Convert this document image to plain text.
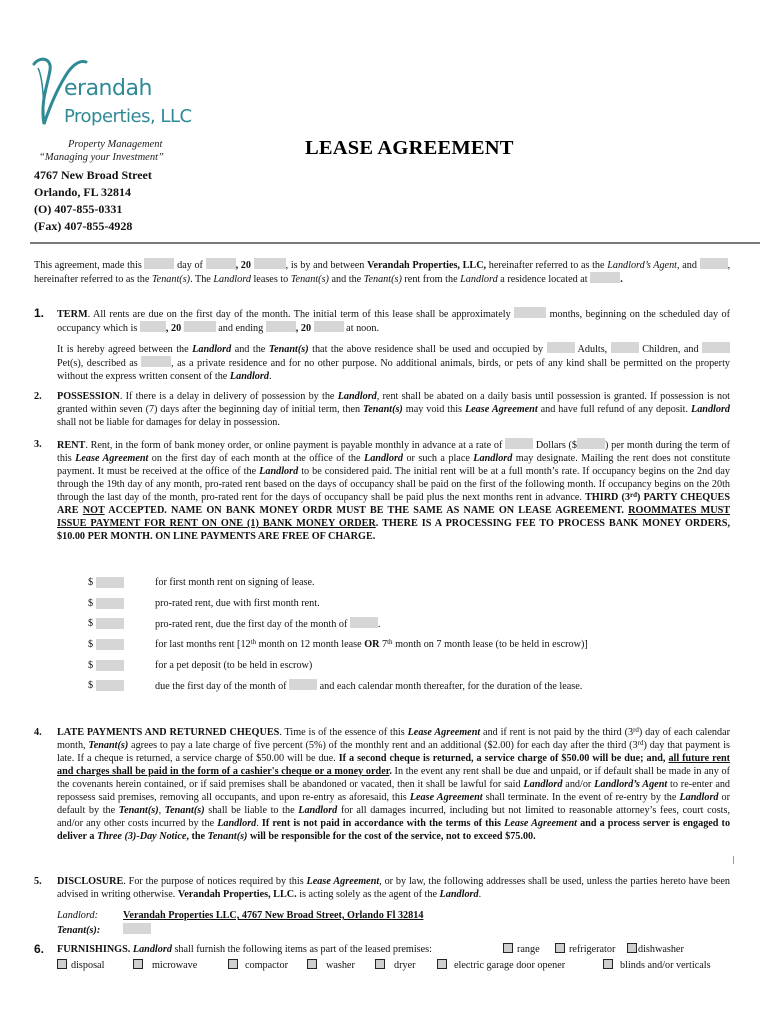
erandah
Properties, LLC
Property Management
“Managing your Investment”	LEASE AGREEMENT
4767 New Broad Street
Orlando, FL 32814
(O) 407-855-0331
(Fax) 407-855-4928
This agreement, made this	day of	, 20	, is by and between Verandah Properties, LLC, hereinafter referred to as the Landlord’s Agent, and	, hereinafter referred to as the Tenant(s). The Landlord leases to Tenant(s) and the Tenant(s) rent from the Landlord a residence located at	.
1.	TERM. All rents are due on the first day of the month. The initial term of this lease shall be approximately	months, beginning on the scheduled day of occupancy which is	, 20	and ending	, 20	at noon.
It is hereby agreed between the Landlord and the Tenant(s) that the above residence shall be used and occupied by	Adults,	Children, and  Pet(s), described as	, as a private residence and for no other purpose. No additional animals, birds, or pets of any kind shall be permitted on the property without the express written consent of the Landlord.
2.	POSSESSION. If there is a delay in delivery of possession by the Landlord, rent shall be abated on a daily basis until possession is granted. If possession is not granted within seven (7) days after the beginning day of initial term, then Tenant(s) may void this Lease Agreement and have full refund of any deposit. Landlord shall not be liable for damages for delay in possession.
3.	RENT. Rent, in the form of bank money order, or online payment is payable monthly in advance at a rate of	Dollars ($	) per month during the term of this Lease Agreement on the first day of each month at the office of the Landlord or such a place Landlord may designate. Mailing the rent does not constitute payment. It must be received at the office of the Landlord to be considered paid. The initial rent will be at a full month’s rate. If occupancy begins on the 2nd day through the 19th day of any month, pro-rated rent based on the days of occupancy shall be paid on the first of the following month. If occupancy begins on the 20th through the last day of the month, pro-rated rent for the days of occupancy shall be paid plus the next months rent in advance. THIRD (3rd) PARTY CHEQUES ARE NOT ACCEPTED. NAME ON BANK MONEY ORDR MUST BE THE SAME AS NAME ON LEASE AGREEMENT. ROOMMATES MUST ISSUE PAYMENT FOR RENT ON ONE (1) BANK MONEY ORDER. THERE IS A PROCESSING FEE TO PROCESS BANK MONEY ORDERS, $10.00 PER MONTH. ON LINE PAYMENTS ARE FREE OF CHARGE.
$	for first month rent on signing of lease.
$	pro-rated rent, due with first month rent.
$	pro-rated rent, due the first day of the month of	.
$	for last months rent [12th month on 12 month lease OR 7th month on 7 month lease (to be held in escrow)]
$	for a pet deposit (to be held in escrow)
$	due the first day of the month of	and each calendar month thereafter, for the duration of the lease.
4.	LATE PAYMENTS AND RETURNED CHEQUES. Time is of the essence of this Lease Agreement and if rent is not paid by the third (3rd) day of each calendar month, Tenant(s) agrees to pay a late charge of five percent (5%) of the monthly rent and an additional ($2.00) for each day after the third (3rd) day that payment is late. If a cheque is returned, a service charge of $50.00 will be due. If a second cheque is returned, a service charge of $50.00 will be due; and, all future rent and charges shall be paid in the form of a cashier's cheque or a money order. In the event any rent shall be due and unpaid, or if default shall be made in any of the covenants herein contained, or if said premises shall be abandoned or vacated, then it shall be lawful for said Landlord and/or Landlord’s Agent to re-enter and repossess said premises, removing all occupants, and upon re-entry as aforesaid, this Lease Agreement shall terminate. In the event of re-entry by the Landlord or default by the Tenant(s), Tenant(s) shall be liable to the Landlord for all damages incurred, including but not limited to reasonable attorney’s fees, court costs, and/or any other costs incurred by the Landlord. If rent is not paid in accordance with the terms of this Lease Agreement and a process server is engaged to deliver a Three (3)-Day Notice, the Tenant(s) will be responsible for the cost of the service, not to exceed $75.00.
5.	DISCLOSURE. For the purpose of notices required by this Lease Agreement, or by law, the following addresses shall be used, unless the parties hereto have been advised in writing otherwise. Verandah Properties, LLC. is acting solely as the agent of the Landlord.
Landlord: Verandah Properties LLC, 4767 New Broad Street, Orlando Fl 32814
Tenant(s):
6.	FURNISHINGS. Landlord shall furnish the following items as part of the leased premises:	range	refrigerator	dishwasher
disposal	microwave	compactor	washer	dryer	electric garage door opener	blinds and/or verticals
